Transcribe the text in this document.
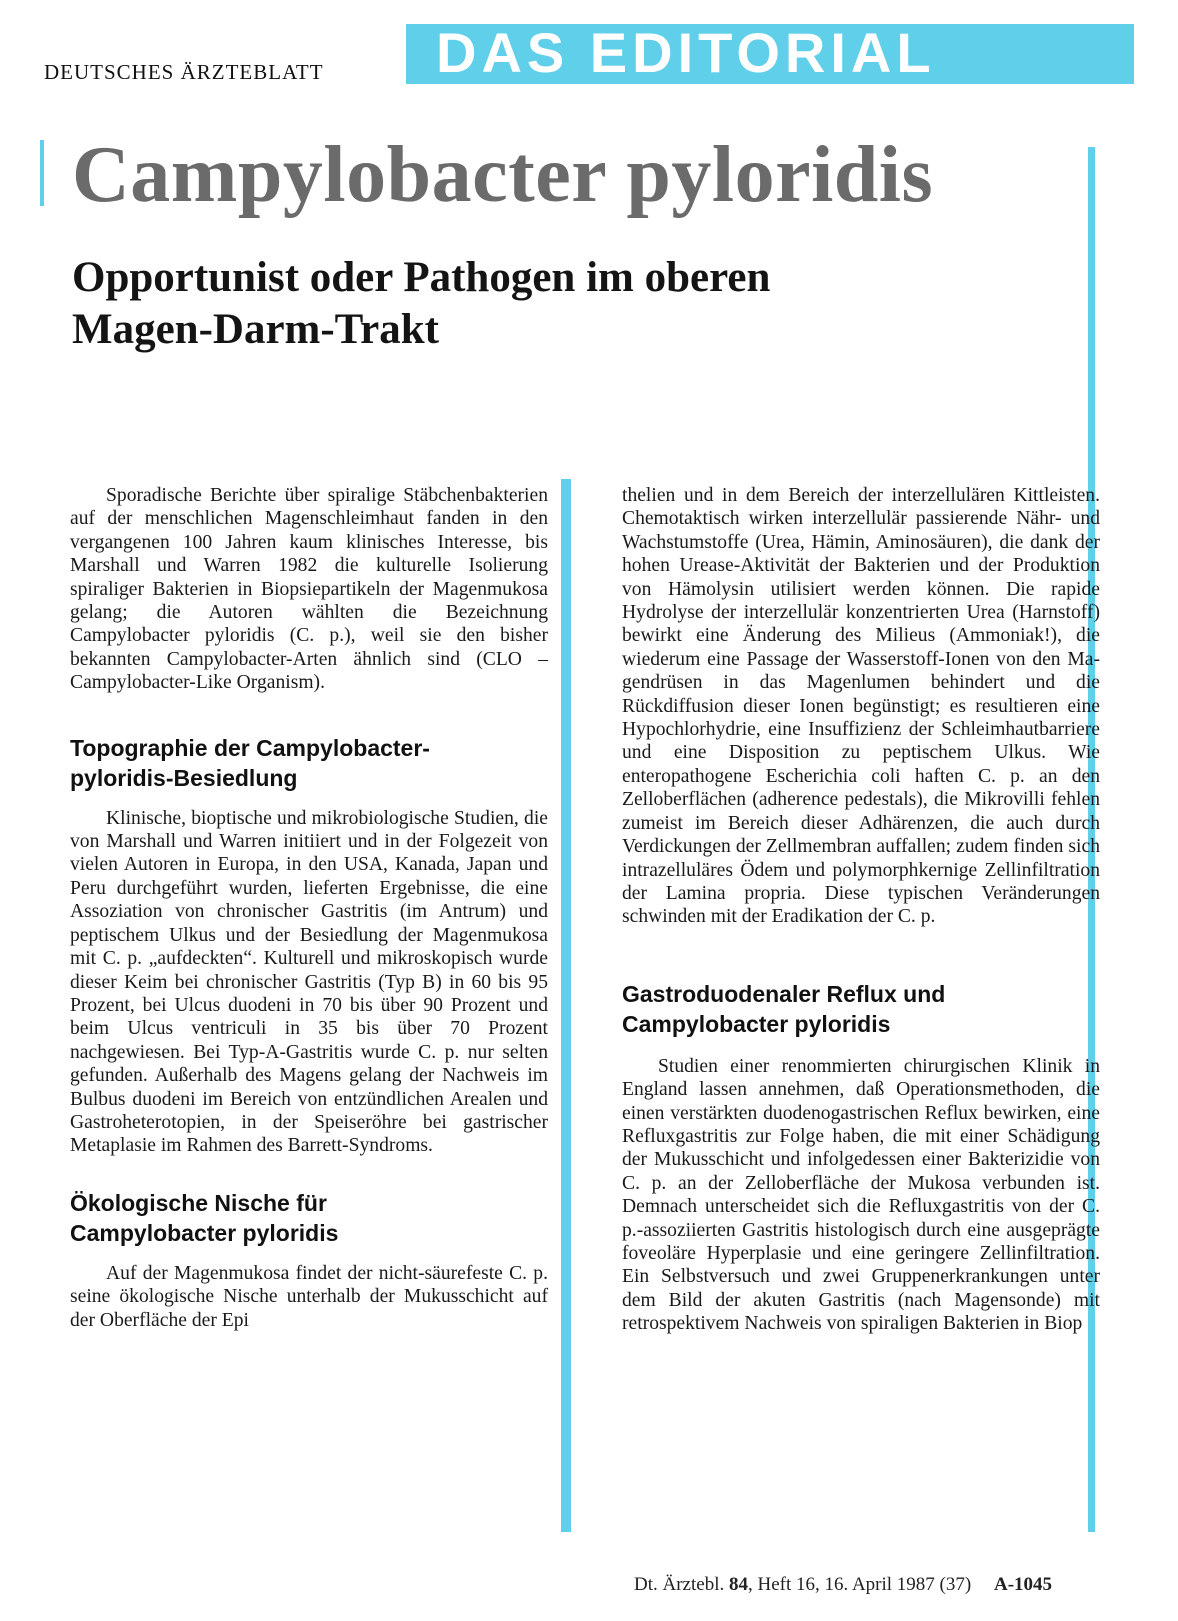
DEUTSCHES ÄRZTEBLATT DAS EDITORIAL
Campylobacter pyloridis
Opportunist oder Pathogen im oberen Magen-Darm-Trakt

Sporadische Berichte über spiralige Stäbchenbakterien auf der menschlichen Magenschleimhaut fanden in den vergangenen 100 Jahren kaum klinisches Interesse, bis Marshall und Warren 1982 die kulturelle Isolierung spiraliger Bakterien in Biopsiepartikeln der Magenmukosa gelang; die Autoren wählten die Bezeichnung Campylobacter pyloridis (C. p.), weil sie den bisher bekannten Campylobacter-Arten ähnlich sind (CLO – Campylobacter-Like Organism).

Topographie der Campylobacter-pyloridis-Besiedlung

Klinische, bioptische und mikrobiologische Studien, die von Marshall und Warren initiiert und in der Folgezeit von vielen Autoren in Europa, in den USA, Kanada, Japan und Peru durchgeführt wurden, lieferten Ergebnisse, die eine Assoziation von chronischer Gastritis (im Antrum) und peptischem Ulkus und der Besiedlung der Magenmukosa mit C. p. „aufdeckten“. Kulturell und mikroskopisch wurde dieser Keim bei chronischer Gastritis (Typ B) in 60 bis 95 Prozent, bei Ulcus duodeni in 70 bis über 90 Prozent und beim Ulcus ventriculi in 35 bis über 70 Prozent nachgewiesen. Bei Typ-A-Gastritis wurde C. p. nur selten gefunden. Außerhalb des Magens gelang der Nachweis im Bulbus duodeni im Bereich von entzündlichen Arealen und Gastroheterotopien, in der Speiseröhre bei gastrischer Metaplasie im Rahmen des Barrett-Syndroms.

Ökologische Nische für Campylobacter pyloridis

Auf der Magenmukosa findet der nicht-säurefeste C. p. seine ökologische Nische unterhalb der Mukusschicht auf der Oberfläche der Epi

thelien und in dem Bereich der interzellulären Kittleisten. Chemotaktisch wirken interzellulär passierende Nähr- und Wachstumstoffe (Urea, Hämin, Aminosäuren), die dank der hohen Urease-Aktivität der Bakterien und der Produktion von Hämolysin utilisiert werden können. Die rapide Hydrolyse der interzellulär konzentrierten Urea (Harnstoff) bewirkt eine Änderung des Milieus (Ammoniak!), die wiederum eine Passage der Wasserstoff-Ionen von den Magendrüsen in das Magenlumen behindert und die Rückdiffusion dieser Ionen begünstigt; es resultieren eine Hypochlorhydrie, eine Insuffizienz der Schleimhautbarriere und eine Disposition zu peptischem Ulkus. Wie enteropathogene Escherichia coli haften C. p. an den Zelloberflächen (adherence pedestals), die Mikrovilli fehlen zumeist im Bereich dieser Adhärenzen, die auch durch Verdickungen der Zellmembran auffallen; zudem finden sich intrazelluläres Ödem und polymorphkernige Zellinfiltration der Lamina propria. Diese typischen Veränderungen schwinden mit der Eradikation der C. p.

Gastroduodenaler Reflux und Campylobacter pyloridis

Studien einer renommierten chirurgischen Klinik in England lassen annehmen, daß Operationsmethoden, die einen verstärkten duodenogastrischen Reflux bewirken, eine Refluxgastritis zur Folge haben, die mit einer Schädigung der Mukusschicht und infolgedessen einer Bakterizidie von C. p. an der Zelloberfläche der Mukosa verbunden ist. Demnach unterscheidet sich die Refluxgastritis von der C. p.-assoziierten Gastritis histologisch durch eine ausgeprägte foveoläre Hyperplasie und eine geringere Zellinfiltration. Ein Selbstversuch und zwei Gruppenerkrankungen unter dem Bild der akuten Gastritis (nach Magensonde) mit retrospektivem Nachweis von spiraligen Bakterien in Biop

Dt. Ärztebl. 84, Heft 16, 16. April 1987 (37) A-1045
